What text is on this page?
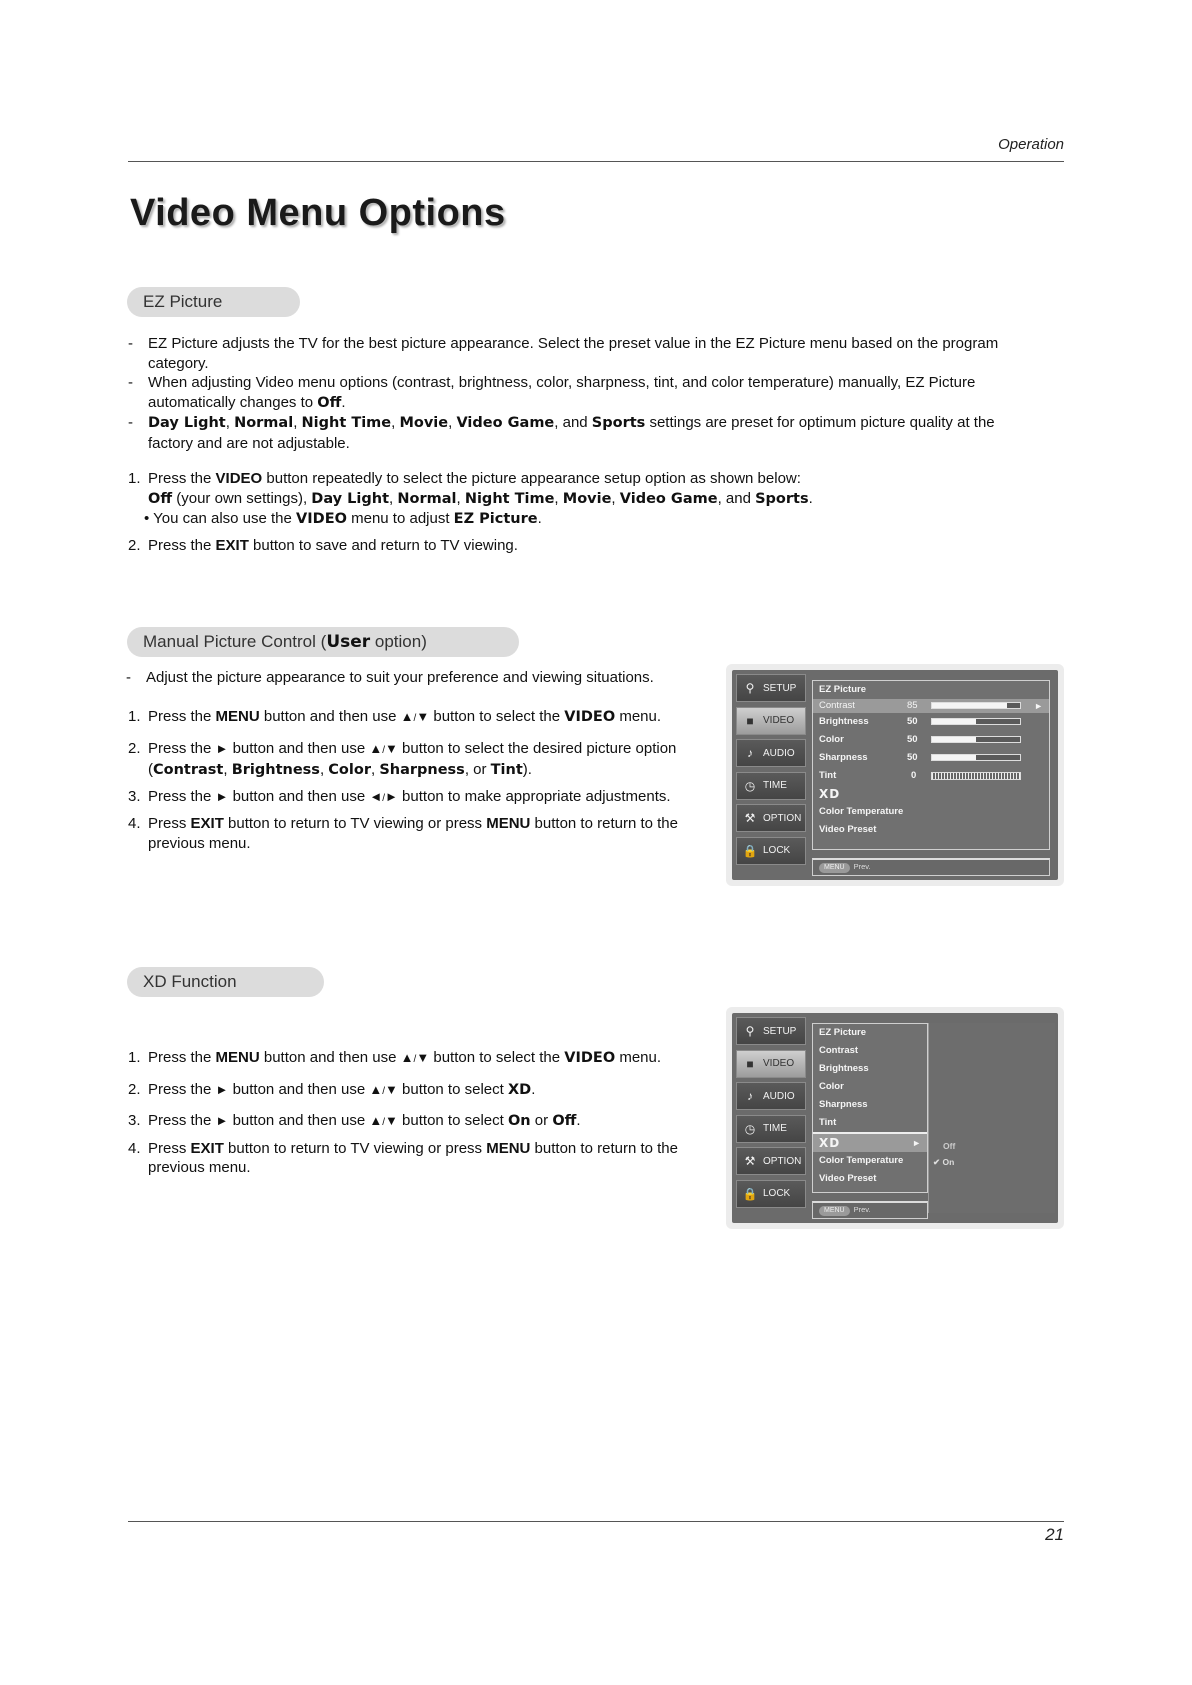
Operation
Video Menu Options
EZ Picture
- EZ Picture adjusts the TV for the best picture appearance. Select the preset value in the EZ Picture menu based on the program category.
- When adjusting Video menu options (contrast, brightness, color, sharpness, tint, and color temperature) manually, EZ Picture automatically changes to Off.
- Day Light, Normal, Night Time, Movie, Video Game, and Sports settings are preset for optimum picture quality at the factory and are not adjustable.
1. Press the VIDEO button repeatedly to select the picture appearance setup option as shown below:
Off (your own settings), Day Light, Normal, Night Time, Movie, Video Game, and Sports.
• You can also use the VIDEO menu to adjust EZ Picture.
2. Press the EXIT button to save and return to TV viewing.
Manual Picture Control (User option)
- Adjust the picture appearance to suit your preference and viewing situations.
1. Press the MENU button and then use ▲/▼ button to select the VIDEO menu.
2. Press the ► button and then use ▲/▼ button to select the desired picture option
(Contrast, Brightness, Color, Sharpness, or Tint).
3. Press the ► button and then use ◄/► button to make appropriate adjustments.
4. Press EXIT button to return to TV viewing or press MENU button to return to the previous menu.
⚲ SETUP
■ VIDEO
♪	AUDIO
◷ TIME
⚒ OPTION
🔒 LOCK
EZ Picture
Contrast	85	►
Brightness	50
Color	50
Sharpness	50
Tint	0
XD
Color Temperature
Video Preset
MENU Prev.
XD Function
1. Press the MENU button and then use ▲/▼ button to select the VIDEO menu.
2. Press the ► button and then use ▲/▼ button to select XD.
3. Press the ► button and then use ▲/▼ button to select On or Off.
4. Press EXIT button to return to TV viewing or press MENU button to return to the previous menu.
⚲ SETUP
■ VIDEO
♪	AUDIO
◷ TIME
⚒ OPTION
🔒 LOCK
Off
✔ On
EZ Picture
Contrast
Brightness
Color
Sharpness
Tint
XD	►
Color Temperature
Video Preset
MENU Prev.
21
